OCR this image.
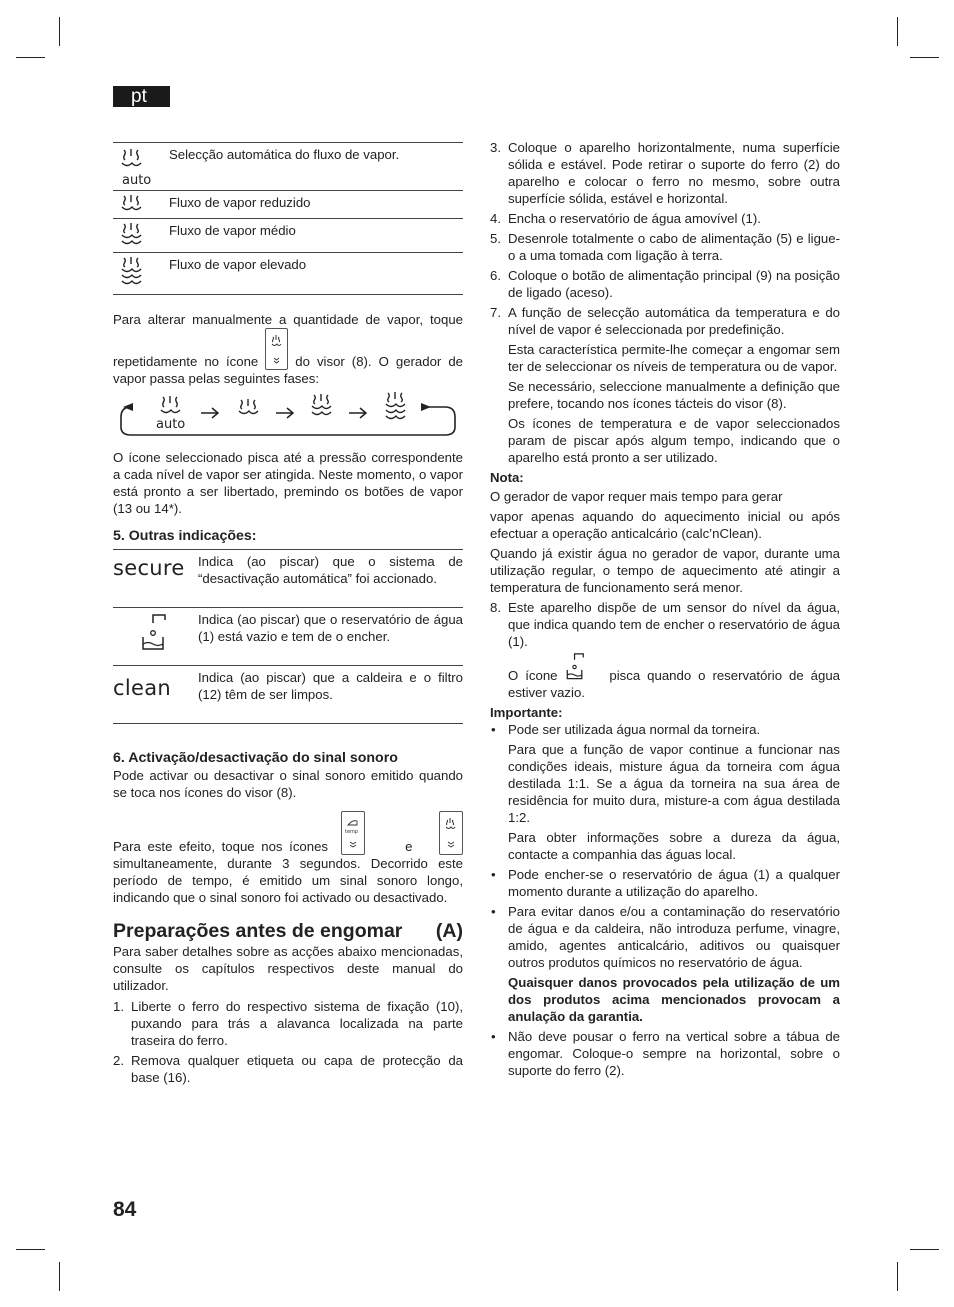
pt
auto	Selecção automática do fluxo de vapor.

	Fluxo de vapor reduzido

	Fluxo de vapor médio

	Fluxo de vapor elevado

Para alterar manualmente a quantidade de vapor, toque repetidamente no ícone	do visor (8). O gerador de vapor passa pelas seguintes fases:

auto

O ícone seleccionado pisca até a pressão correspondente a cada nível de vapor ser atingida. Neste momento, o vapor está pronto a ser libertado, premindo os botões de vapor (13 ou 14*).

5. Outras indicações:
secure	Indica (ao piscar) que o sistema de “desactivação automática” foi accionado.

	Indica (ao piscar) que o reservatório de água (1) está vazio e tem de o encher.
clean	Indica (ao piscar) que a caldeira e o filtro (12) têm de ser limpos.
6. Activação/desactivação do sinal sonoro

Pode activar ou desactivar o sinal sonoro emitido quando se toca nos ícones do visor (8).

Para este efeito, toque nos ícones
temp
e
simultaneamente, durante 3 segundos. Decorrido este período de tempo, é emitido um sinal sonoro longo, indicando que o sinal sonoro foi activado ou desactivado.

Preparações antes de engomar (A)

Para saber detalhes sobre as acções abaixo mencionadas, consulte os capítulos respectivos deste manual do utilizador.

1. Liberte o ferro do respectivo sistema de fixação (10), puxando para trás a alavanca localizada na parte traseira do ferro.
2. Remova qualquer etiqueta ou capa de protecção da base (16).
3. Coloque o aparelho horizontalmente, numa superfície sólida e estável. Pode retirar o suporte do ferro (2) do aparelho e colocar o ferro no mesmo, sobre outra superfície sólida, estável e horizontal.
4. Encha o reservatório de água amovível (1).
5. Desenrole totalmente o cabo de alimentação (5) e ligue-o a uma tomada com ligação à terra.
6. Coloque o botão de alimentação principal (9) na posição de ligado (aceso).
7. A função de selecção automática da temperatura e do nível de vapor é seleccionada por predefinição.

Esta característica permite-lhe começar a engomar sem ter de seleccionar os níveis de temperatura ou de vapor.

Se necessário, seleccione manualmente a definição que prefere, tocando nos ícones tácteis do visor (8).

Os ícones de temperatura e de vapor seleccionados param de piscar após algum tempo, indicando que o aparelho está pronto a ser utilizado.

Nota:

O gerador de vapor requer mais tempo para gerar

vapor apenas aquando do aquecimento inicial ou após efectuar a operação anticalcário (calc’nClean).

Quando já existir água no gerador de vapor, durante uma utilização regular, o tempo de aquecimento até atingir a temperatura de funcionamento será menor.

8. Este aparelho dispõe de um sensor do nível da água, que indica quando tem de encher o reservatório de água (1).

O ícone	pisca quando o reservatório de água estiver vazio.

Importante:

• Pode ser utilizada água normal da torneira.

Para que a função de vapor continue a funcionar nas condições ideais, misture água da torneira com água destilada 1:1. Se a água da torneira na sua área de residência for muito dura, misture-a com água destilada 1:2.

Para obter informações sobre a dureza da água, contacte a companhia das águas local.

• Pode encher-se o reservatório de água (1) a qualquer momento durante a utilização do aparelho.
• Para evitar danos e/ou a contaminação do reservatório de água e da caldeira, não introduza perfume, vinagre, amido, agentes anticalcário, aditivos ou quaisquer outros produtos químicos no reservatório de água.

Quaisquer danos provocados pela utilização de um dos produtos acima mencionados provocam a anulação da garantia.

• Não deve pousar o ferro na vertical sobre a tábua de engomar. Coloque-o sempre na horizontal, sobre o suporte do ferro (2).
84
